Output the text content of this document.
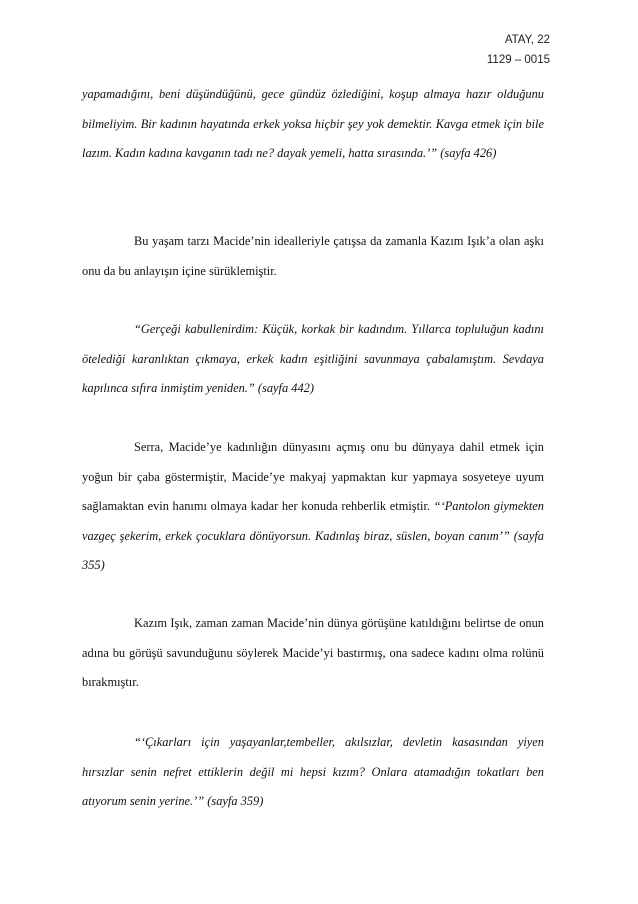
ATAY, 22
1129 – 0015

yapamadığını, beni düşündüğünü, gece gündüz özlediğini, koşup almaya hazır olduğunu bilmeliyim. Bir kadının hayatında erkek yoksa hiçbir şey yok demektir. Kavga etmek için bile lazım. Kadın kadına kavganın tadı ne? dayak yemeli, hatta sırasında.’” (sayfa 426)

Bu yaşam tarzı Macide’nin idealleriyle çatışsa da zamanla Kazım Işık’a olan aşkı onu da bu anlayışın içine sürüklemiştir.

“Gerçeği kabullenirdim: Küçük, korkak bir kadındım. Yıllarca topluluğun kadını ötelediği karanlıktan çıkmaya, erkek kadın eşitliğini savunmaya çabalamıştım. Sevdaya kapılınca sıfıra inmiştim yeniden.” (sayfa 442)

Serra, Macide’ye kadınlığın dünyasını açmış onu bu dünyaya dahil etmek için yoğun bir çaba göstermiştir, Macide’ye makyaj yapmaktan kur yapmaya sosyeteye uyum sağlamaktan evin hanımı olmaya kadar her konuda rehberlik etmiştir. “‘Pantolon giymekten vazgeç şekerim, erkek çocuklara dönüyorsun. Kadınlaş biraz, süslen, boyan canım’” (sayfa 355)

Kazım Işık, zaman zaman Macide’nin dünya görüşüne katıldığını belirtse de onun adına bu görüşü savunduğunu söylerek Macide’yi bastırmış, ona sadece kadını olma rolünü bırakmıştır.

“‘Çıkarları için yaşayanlar,tembeller, akılsızlar, devletin kasasından yiyen hırsızlar senin nefret ettiklerin değil mi hepsi kızım? Onlara atamadığın tokatları ben atıyorum senin yerine.’” (sayfa 359)
